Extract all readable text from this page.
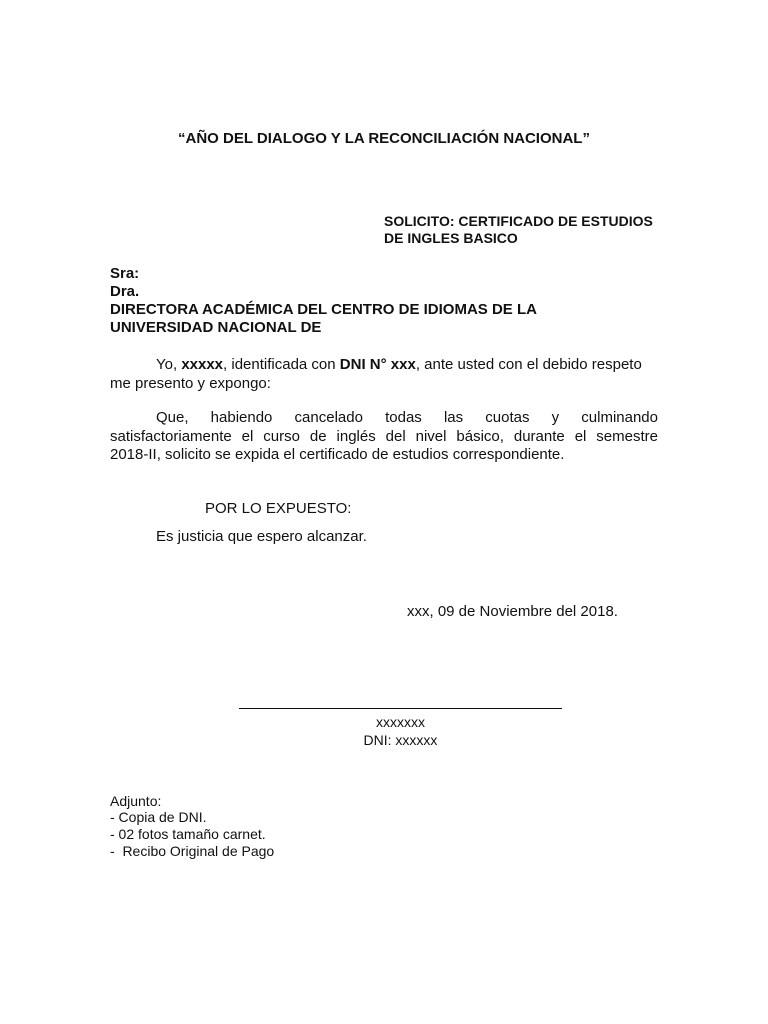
“AÑO DEL DIALOGO Y LA RECONCILIACIÓN NACIONAL”
SOLICITO: CERTIFICADO DE ESTUDIOS
DE INGLES BASICO
Sra:
Dra.
DIRECTORA ACADÉMICA DEL CENTRO DE IDIOMAS DE LA
UNIVERSIDAD NACIONAL DE
Yo, xxxxx , identificada con DNI N° xxx , ante usted con el debido respeto
me presento y expongo:
Que, habiendo cancelado todas las cuotas y culminando
satisfactoriamente el curso de inglés del nivel básico, durante el semestre
2018-II, solicito se expida el certificado de estudios correspondiente.
POR LO EXPUESTO:
Es justicia que espero alcanzar.
xxx, 09 de Noviembre del 2018.
xxxxxxx
DNI: xxxxxx
Adjunto:
- Copia de DNI.
- 02 fotos tamaño carnet.
-  Recibo Original de Pago
